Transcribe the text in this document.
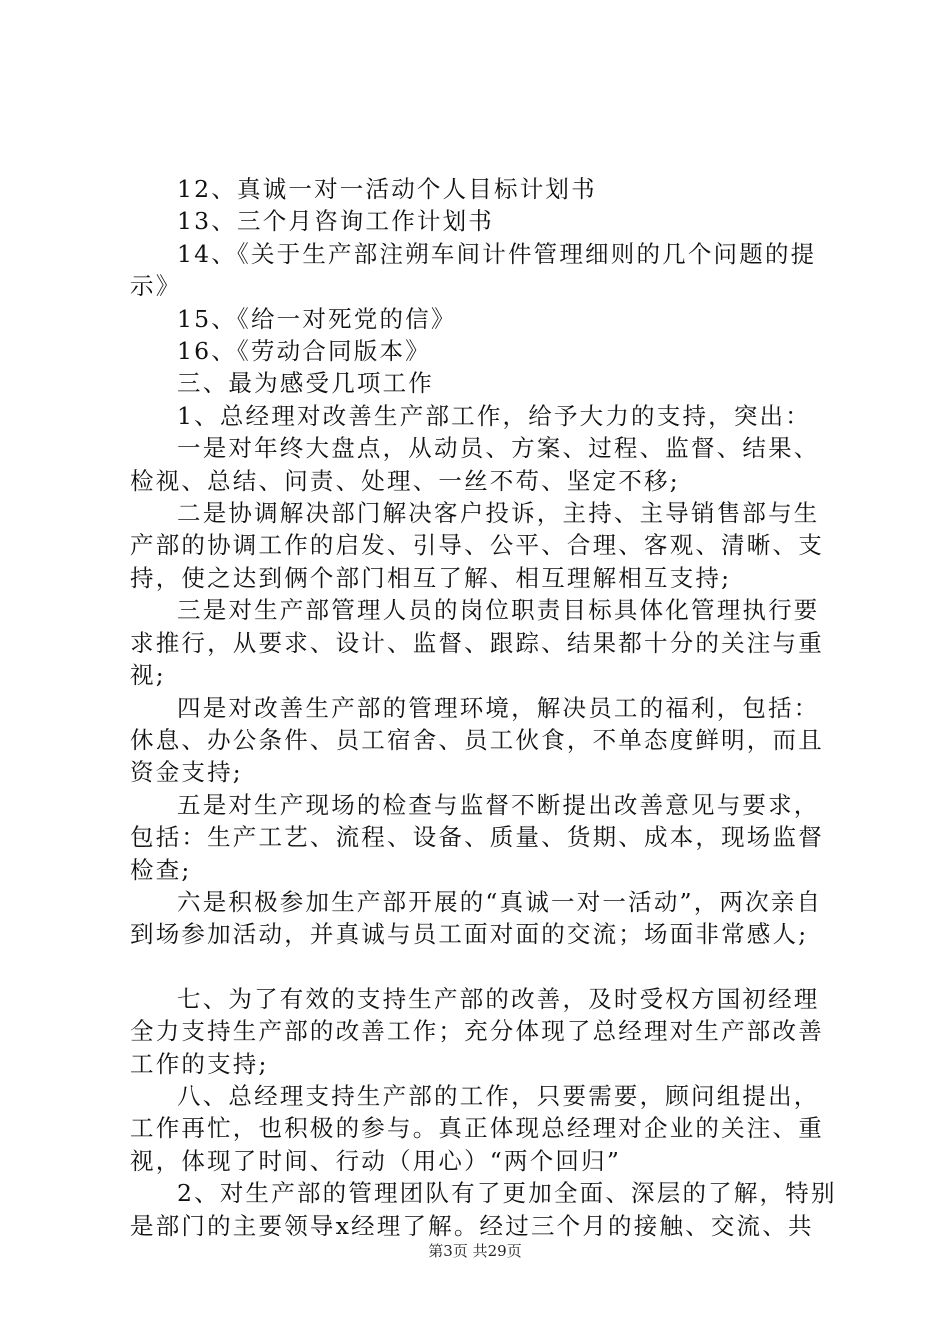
12、真诚一对一活动个人目标计划书

13、三个月咨询工作计划书

14、《关于生产部注朔车间计件管理细则的几个问题的提示》

15、《给一对死党的信》

16、《劳动合同版本》

三、最为感受几项工作

1、总经理对改善生产部工作，给予大力的支持，突出：

一是对年终大盘点，从动员、方案、过程、监督、结果、检视、总结、问责、处理、一丝不苟、坚定不移;

二是协调解决部门解决客户投诉，主持、主导销售部与生产部的协调工作的启发、引导、公平、合理、客观、清晰、支持，使之达到俩个部门相互了解、相互理解相互支持;

三是对生产部管理人员的岗位职责目标具体化管理执行要求推行，从要求、设计、监督、跟踪、结果都十分的关注与重视;

四是对改善生产部的管理环境，解决员工的福利，包括：休息、办公条件、员工宿舍、员工伙食，不单态度鲜明，而且资金支持;

五是对生产现场的检查与监督不断提出改善意见与要求，包括：生产工艺、流程、设备、质量、货期、成本，现场监督检查;

六是积极参加生产部开展的“真诚一对一活动”，两次亲自到场参加活动，并真诚与员工面对面的交流；场面非常感人;

七、为了有效的支持生产部的改善，及时受权方国初经理全力支持生产部的改善工作；充分体现了总经理对生产部改善工作的支持;

八、总经理支持生产部的工作，只要需要，顾问组提出，工作再忙，也积极的参与。真正体现总经理对企业的关注、重视，体现了时间、行动（用心）“两个回归”

2、对生产部的管理团队有了更加全面、深层的了解，特别是部门的主要领导x经理了解。经过三个月的接触、交流、共

第3页 共29页
